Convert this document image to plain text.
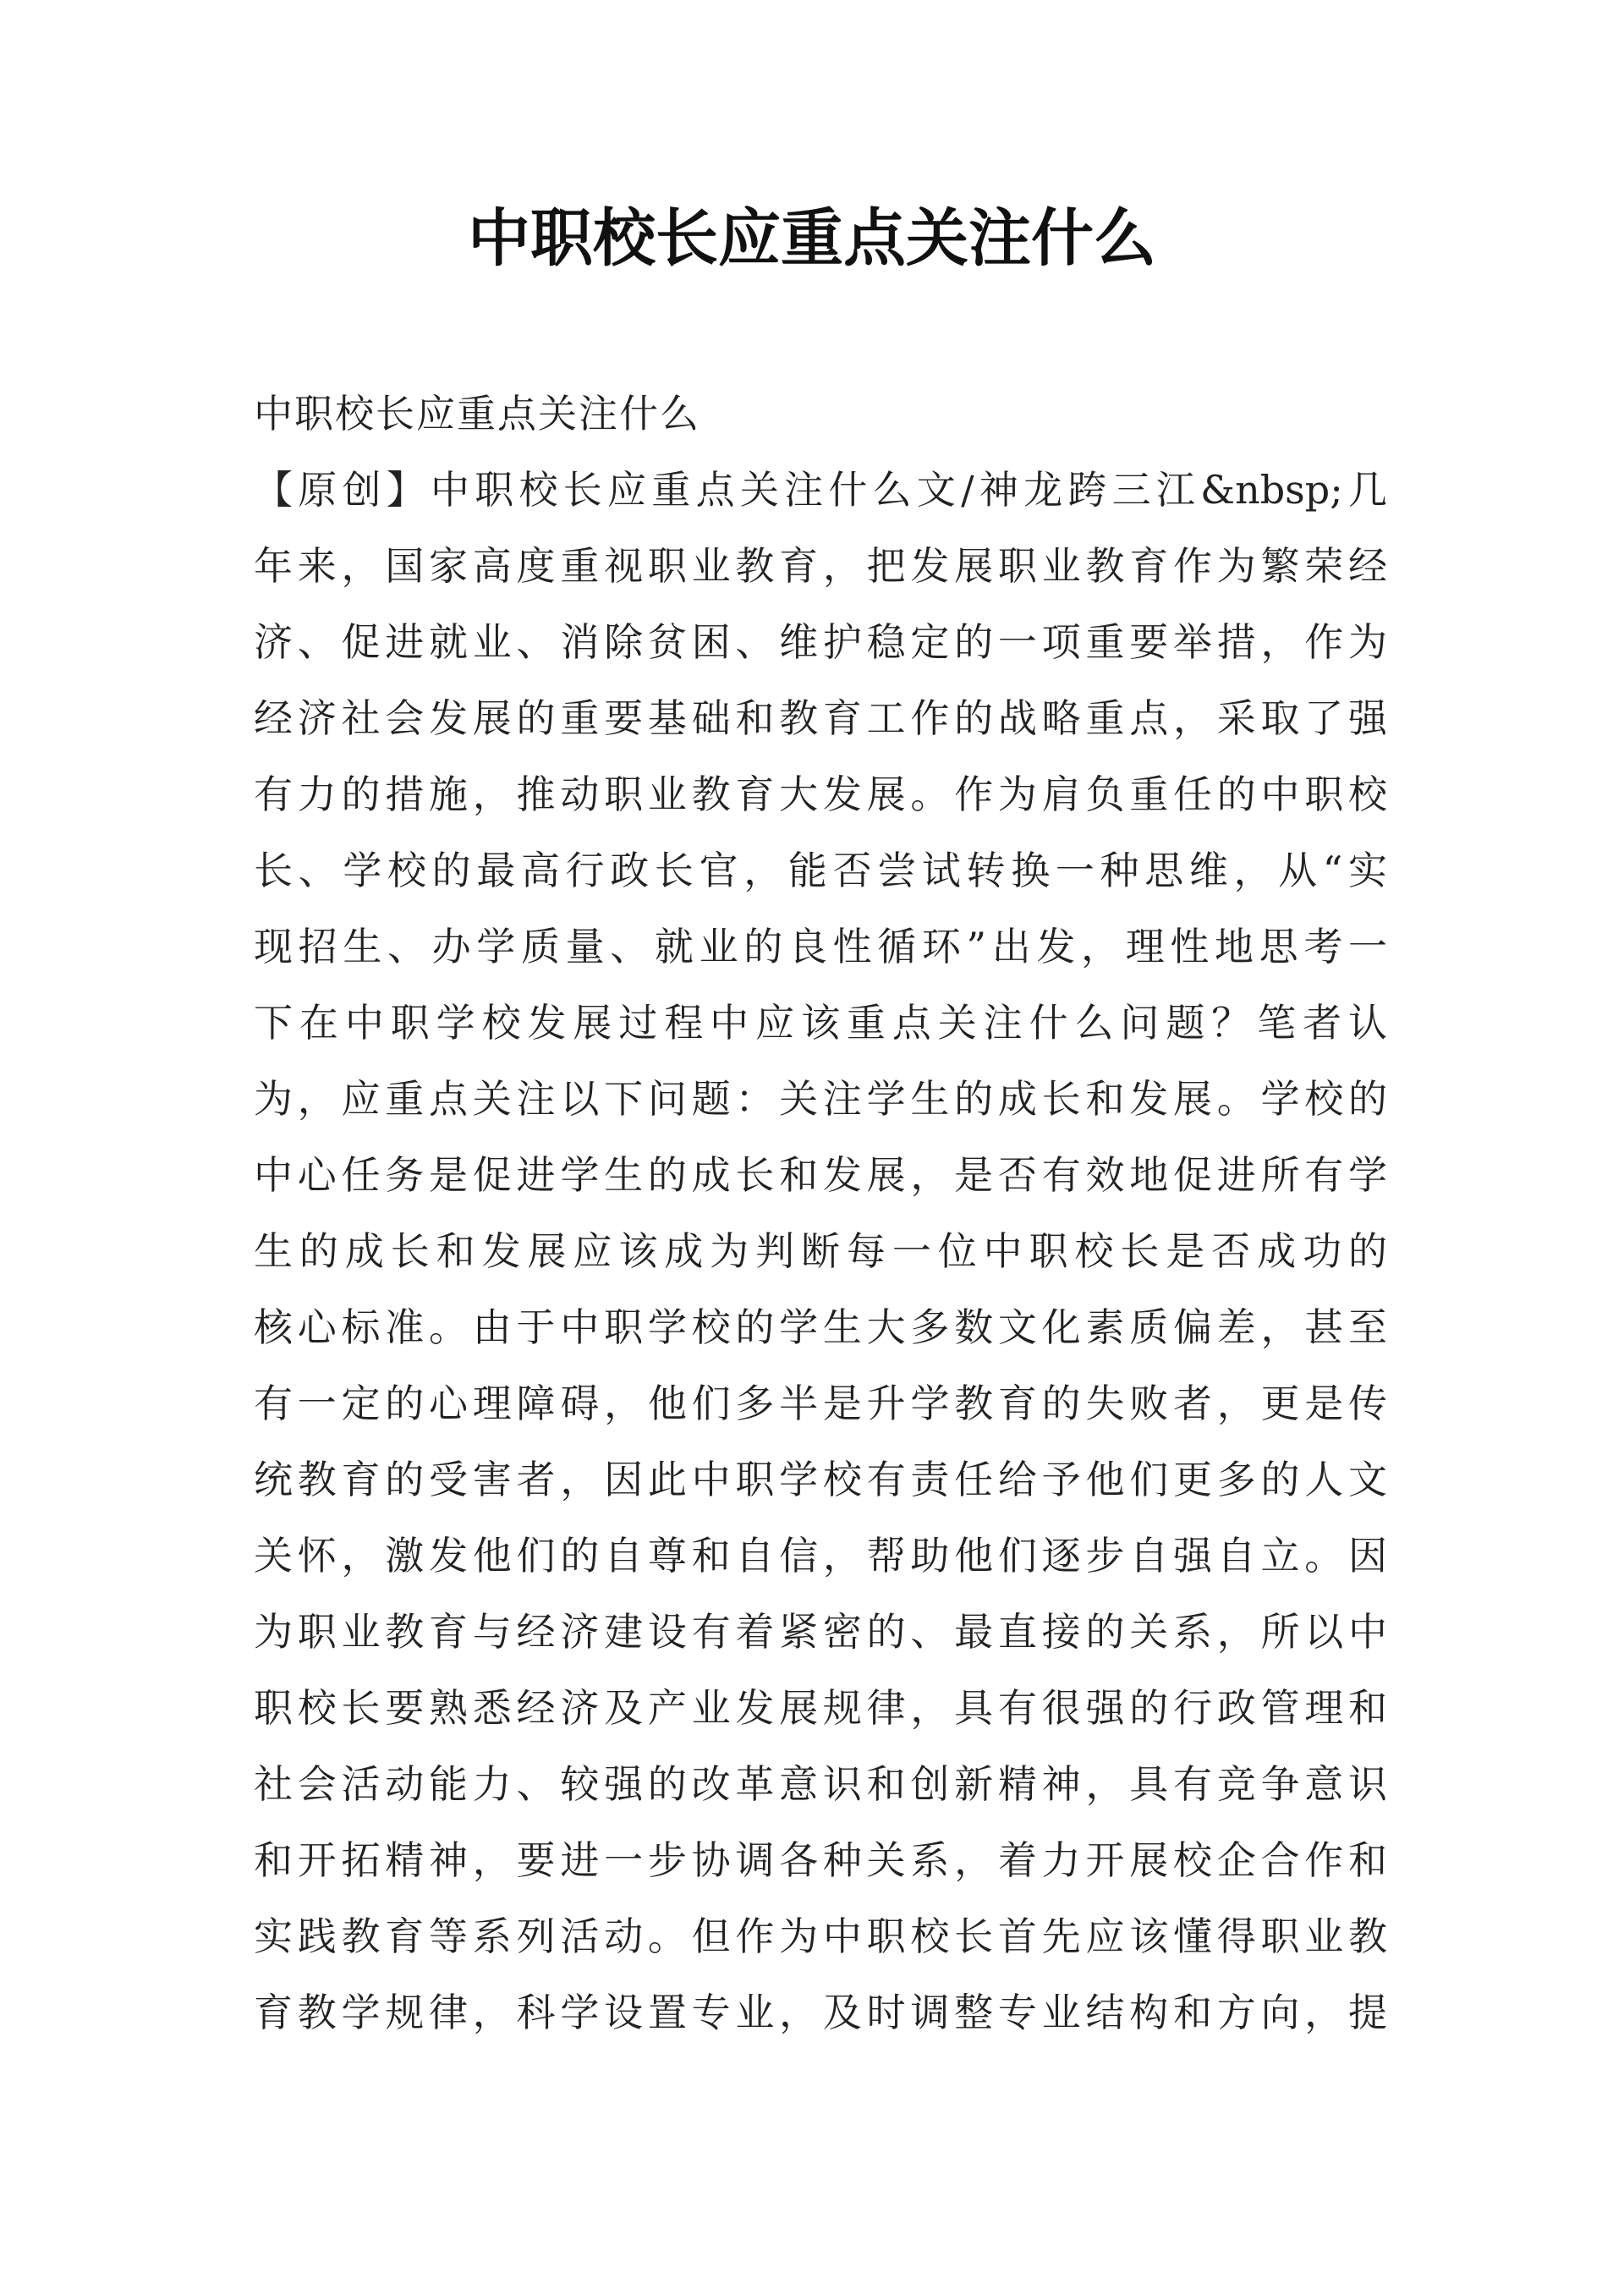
中职校长应重点关注什么

中职校长应重点关注什么

【原创】中职校长应重点关注什么文/神龙跨三江&nbsp;几
年来，国家高度重视职业教育，把发展职业教育作为繁荣经
济、促进就业、消除贫困、维护稳定的一项重要举措，作为
经济社会发展的重要基础和教育工作的战略重点，采取了强
有力的措施，推动职业教育大发展。作为肩负重任的中职校
长、学校的最高行政长官，能否尝试转换一种思维，从“实
现招生、办学质量、就业的良性循环”出发，理性地思考一
下在中职学校发展过程中应该重点关注什么问题？笔者认
为，应重点关注以下问题：关注学生的成长和发展。学校的
中心任务是促进学生的成长和发展，是否有效地促进所有学
生的成长和发展应该成为判断每一位中职校长是否成功的
核心标准。由于中职学校的学生大多数文化素质偏差，甚至
有一定的心理障碍，他们多半是升学教育的失败者，更是传
统教育的受害者，因此中职学校有责任给予他们更多的人文
关怀，激发他们的自尊和自信，帮助他们逐步自强自立。因
为职业教育与经济建设有着紧密的、最直接的关系，所以中
职校长要熟悉经济及产业发展规律，具有很强的行政管理和
社会活动能力、较强的改革意识和创新精神，具有竞争意识
和开拓精神，要进一步协调各种关系，着力开展校企合作和
实践教育等系列活动。但作为中职校长首先应该懂得职业教
育教学规律，科学设置专业，及时调整专业结构和方向，提
